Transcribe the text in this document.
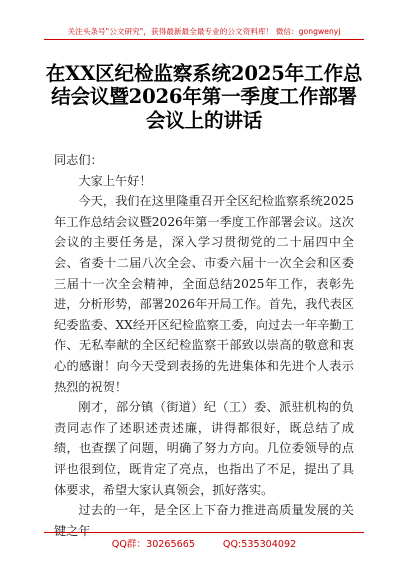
关注头条号"公文研究"，获得最新最全最专业的公文资料库！ 微信：gongwenyj
在XX区纪检监察系统2025年工作总结会议暨2026年第一季度工作部署会议上的讲话

同志们：

大家上午好！

今天，我们在这里隆重召开全区纪检监察系统2025年工作总结会议暨2026年第一季度工作部署会议。这次会议的主要任务是，深入学习贯彻党的二十届四中全会、省委十二届八次全会、市委六届十一次全会和区委三届十一次全会精神，全面总结2025年工作，表彰先进，分析形势，部署2026年开局工作。首先，我代表区纪委监委、XX经开区纪检监察工委，向过去一年辛勤工作、无私奉献的全区纪检监察干部致以崇高的敬意和衷心的感谢！向今天受到表扬的先进集体和先进个人表示热烈的祝贺！

刚才，部分镇（街道）纪（工）委、派驻机构的负责同志作了述职述责述廉，讲得都很好，既总结了成绩，也查摆了问题，明确了努力方向。几位委领导的点评也很到位，既肯定了亮点，也指出了不足，提出了具体要求，希望大家认真领会，抓好落实。

过去的一年，是全区上下奋力推进高质量发展的关键之年

QQ群：30265665	QQ:535304092
